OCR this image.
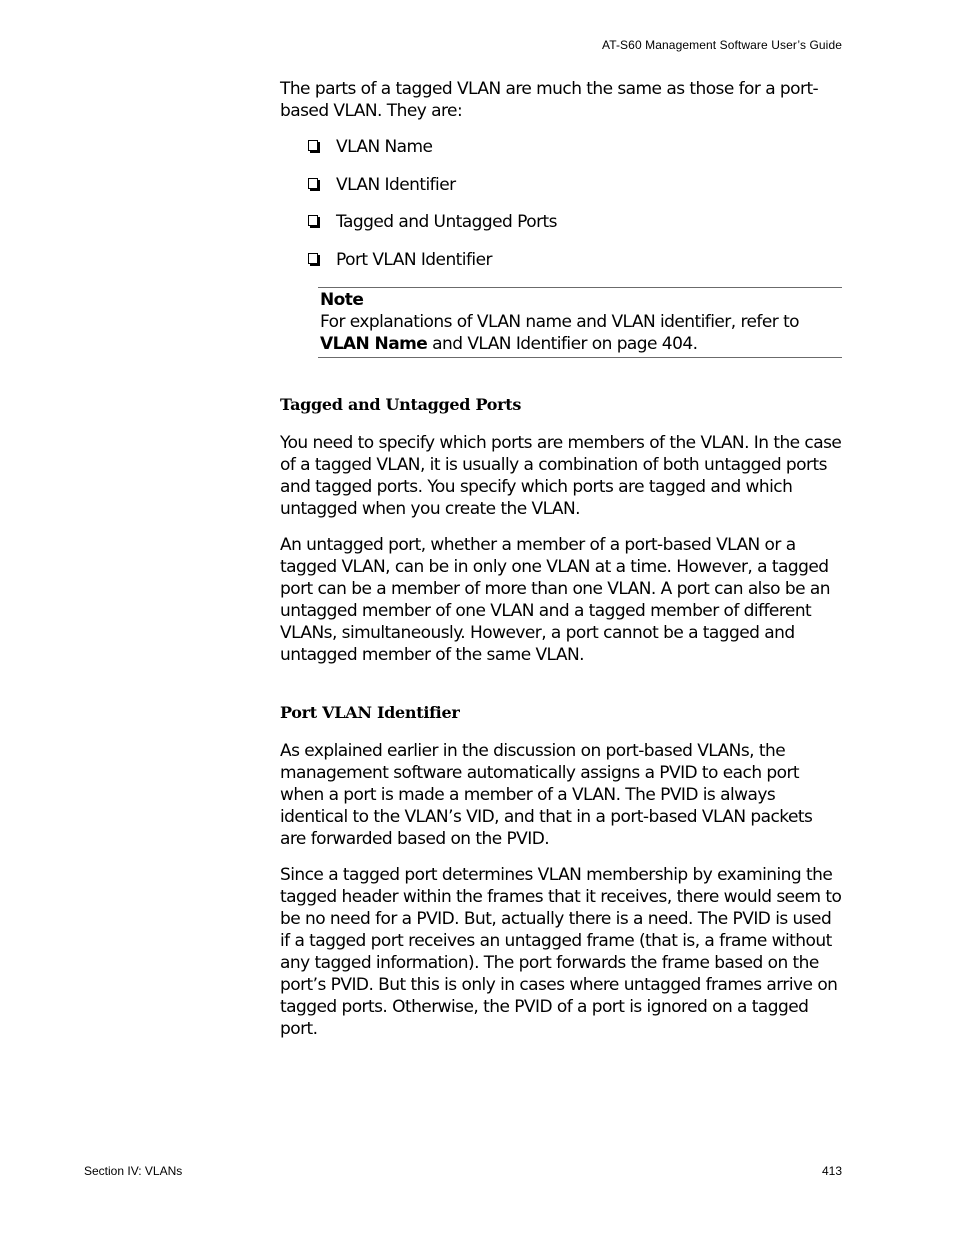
AT-S60 Management Software User’s Guide

The parts of a tagged VLAN are much the same as those for a port-based VLAN. They are:

VLAN Name
VLAN Identifier
Tagged and Untagged Ports
Port VLAN Identifier
Note
For explanations of VLAN name and VLAN identifier, refer to VLAN Name and VLAN Identifier on page 404.
Tagged and Untagged Ports

You need to specify which ports are members of the VLAN. In the case of a tagged VLAN, it is usually a combination of both untagged ports and tagged ports. You specify which ports are tagged and which untagged when you create the VLAN.

An untagged port, whether a member of a port-based VLAN or a tagged VLAN, can be in only one VLAN at a time. However, a tagged port can be a member of more than one VLAN. A port can also be an untagged member of one VLAN and a tagged member of different VLANs, simultaneously. However, a port cannot be a tagged and untagged member of the same VLAN.

Port VLAN Identifier

As explained earlier in the discussion on port-based VLANs, the management software automatically assigns a PVID to each port when a port is made a member of a VLAN. The PVID is always identical to the VLAN’s VID, and that in a port-based VLAN packets are forwarded based on the PVID.

Since a tagged port determines VLAN membership by examining the tagged header within the frames that it receives, there would seem to be no need for a PVID. But, actually there is a need. The PVID is used if a tagged port receives an untagged frame (that is, a frame without any tagged information). The port forwards the frame based on the port’s PVID. But this is only in cases where untagged frames arrive on tagged ports. Otherwise, the PVID of a port is ignored on a tagged port.

Section IV: VLANs	413
